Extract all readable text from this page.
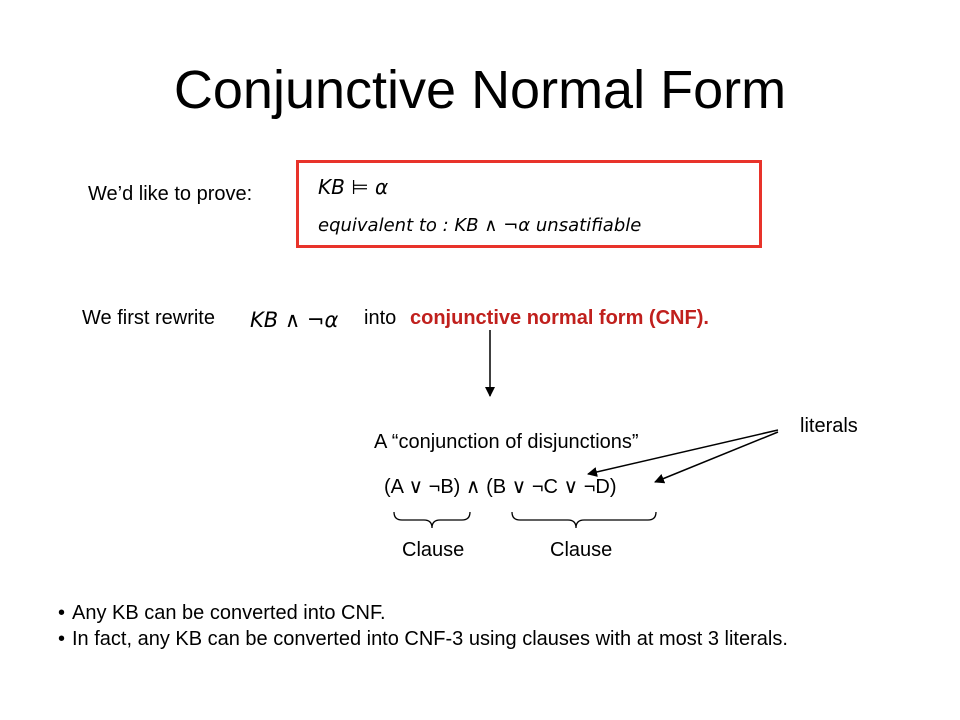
Conjunctive Normal Form
We’d like to prove:	KB ⊨ α
equivalent to : KB ∧ ¬α unsatifiable
We first rewrite KB ∧ ¬α into conjunctive normal form (CNF).
A “conjunction of disjunctions”
literals
(A ∨ ¬B) ∧ (B ∨ ¬C ∨ ¬D)
Clause	Clause
• Any KB can be converted into CNF.
• In fact, any KB can be converted into CNF-3 using clauses with at most 3 literals.
